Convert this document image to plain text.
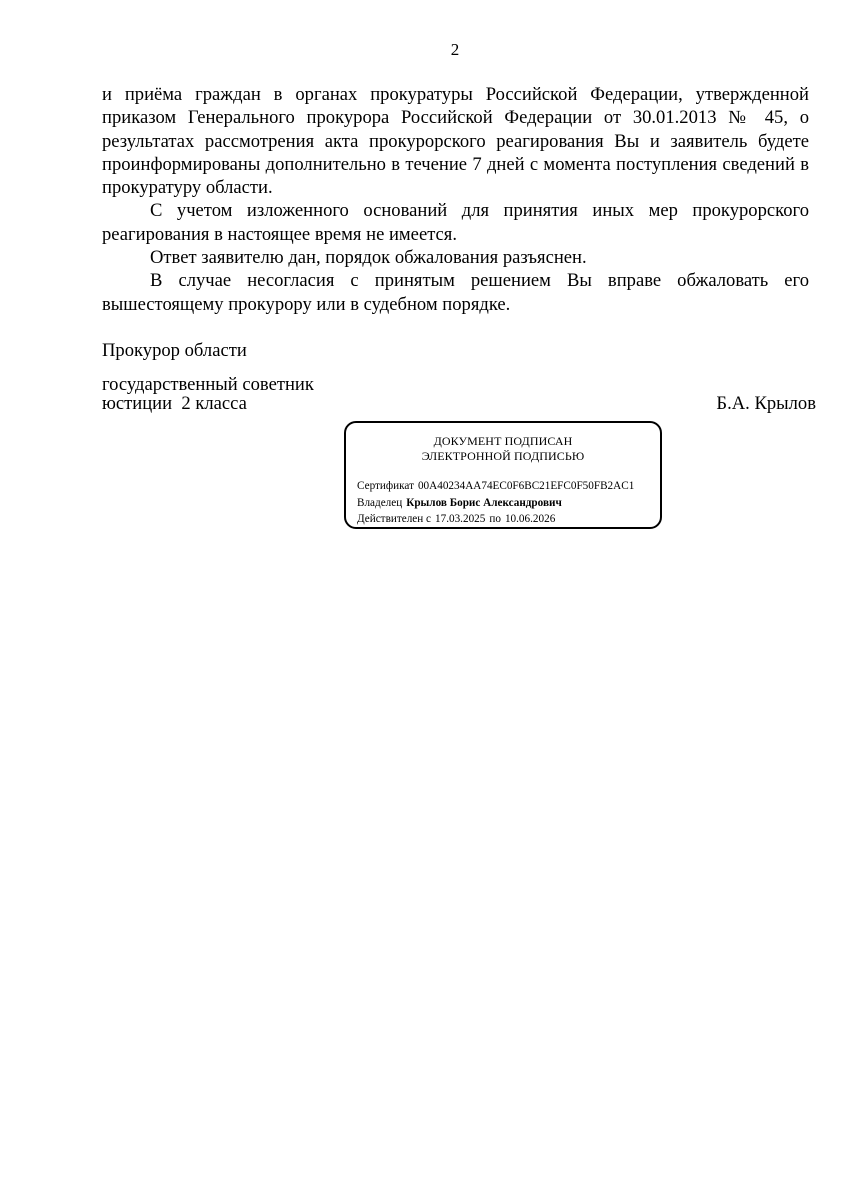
2

и приёма граждан в органах прокуратуры Российской Федерации, утвержденной приказом Генерального прокурора Российской Федерации от 30.01.2013 № 45, о результатах рассмотрения акта прокурорского реагирования Вы и заявитель будете проинформированы дополнительно в течение 7 дней с момента поступления сведений в прокуратуру области.

С учетом изложенного оснований для принятия иных мер прокурорского реагирования в настоящее время не имеется.

Ответ заявителю дан, порядок обжалования разъяснен.

В случае несогласия с принятым решением Вы вправе обжаловать его вышестоящему прокурору или в судебном порядке.

Прокурор области

государственный советник

юстиции  2 класса	Б.А. Крылов

ДОКУМЕНТ ПОДПИСАН
ЭЛЕКТРОННОЙ ПОДПИСЬЮ
Сертификат 00A40234AA74EC0F6BC21EFC0F50FB2AC1
Владелец Крылов Борис Александрович
Действителен с 17.03.2025 по 10.06.2026
